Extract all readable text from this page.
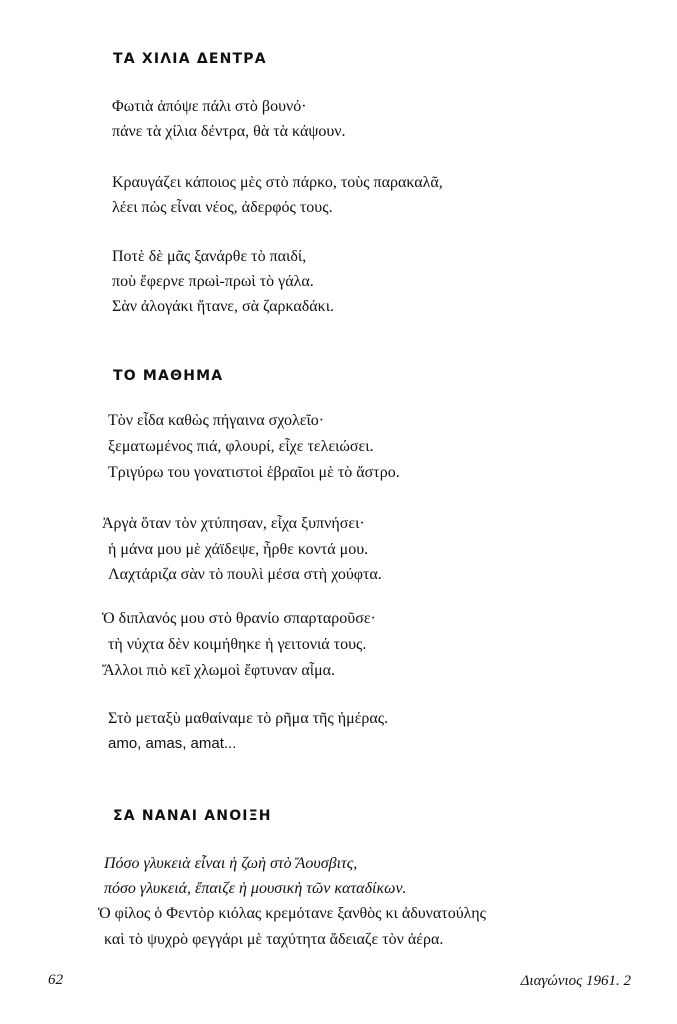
ΤΑ ΧΙΛΙΑ ΔΕΝΤΡΑ
Φωτιὰ ἀπόψε πάλι στὸ βουνό·
πάνε τὰ χίλια δέντρα, θὰ τὰ κάψουν.
Κραυγάζει κάποιος μὲς στὸ πάρκο, τοὺς παρακαλᾶ,
λέει πὼς εἶναι νέος, ἀδερφός τους.
Ποτὲ δὲ μᾶς ξανάρθε τὸ παιδί,
ποὺ ἔφερνε πρωὶ-πρωὶ τὸ γάλα.
Σὰν ἀλογάκι ἤτανε, σὰ ζαρκαδάκι.
ΤΟ ΜΑΘΗΜΑ
Τὸν εἶδα καθὼς πήγαινα σχολεῖο·
ξεματωμένος πιά, φλουρί, εἶχε τελειώσει.
Τριγύρω του γονατιστοὶ ἑβραῖοι μὲ τὸ ἄστρο.
Ἀργὰ ὅταν τὸν χτύπησαν, εἶχα ξυπνήσει·
ἡ μάνα μου μὲ χάϊδεψε, ἦρθε κοντά μου.
Λαχτάριζα σὰν τὸ πουλὶ μέσα στὴ χούφτα.
Ὁ διπλανός μου στὸ θρανίο σπαρταροῦσε·
τὴ νύχτα δὲν κοιμήθηκε ἡ γειτονιά τους.
Ἄλλοι πιὸ κεῖ χλωμοὶ ἔφτυναν αἷμα.
Στὸ μεταξὺ μαθαίναμε τὸ ρῆμα τῆς ἡμέρας.
amo, amas, amat...
ΣΑ ΝΑΝΑΙ ΑΝΟΙΞΗ
Πόσο γλυκειὰ εἶναι ἡ ζωὴ στὸ Ἄουσβιτς,
πόσο γλυκειά, ἔπαιζε ἡ μουσικὴ τῶν καταδίκων.
Ὁ φίλος ὁ Φεντὸρ κιόλας κρεμότανε ξανθὸς κι ἀδυνατούλης
καὶ τὸ ψυχρὸ φεγγάρι μὲ ταχύτητα ἄδειαζε τὸν ἀέρα.
62	Διαγώνιος 1961. 2
